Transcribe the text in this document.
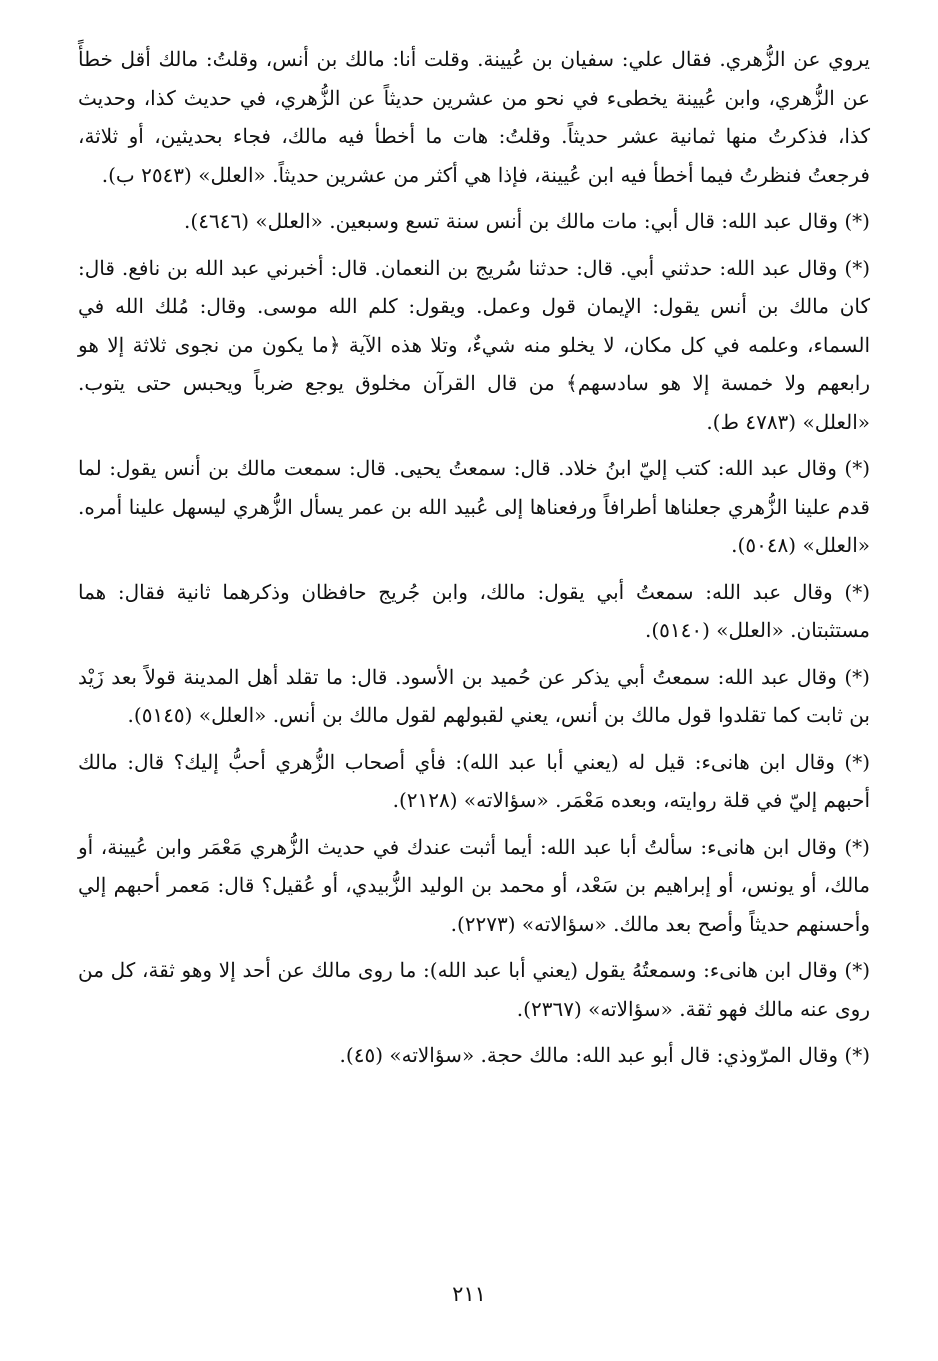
يروي عن الزُّهري. فقال علي: سفيان بن عُيينة. وقلت أنا: مالك بن أنس، وقلتُ: مالك أقل خطأً عن الزُّهري، وابن عُيينة يخطىء في نحو من عشرين حديثاً عن الزُّهري، في حديث كذا، وحديث كذا، فذكرتُ منها ثمانية عشر حديثاً. وقلتُ: هات ما أخطأ فيه مالك، فجاء بحديثين، أو ثلاثة، فرجعتُ فنظرتُ فيما أخطأ فيه ابن عُيينة، فإذا هي أكثر من عشرين حديثاً. «العلل» (٢٥٤٣ ب).

(*) وقال عبد الله: قال أبي: مات مالك بن أنس سنة تسع وسبعين. «العلل» (٤٦٤٦).

(*) وقال عبد الله: حدثني أبي. قال: حدثنا سُريج بن النعمان. قال: أخبرني عبد الله بن نافع. قال: كان مالك بن أنس يقول: الإيمان قول وعمل. ويقول: كلم الله موسى. وقال: مُلك الله في السماء، وعلمه في كل مكان، لا يخلو منه شيءٌ، وتلا هذه الآية ﴿ما يكون من نجوى ثلاثة إلا هو رابعهم ولا خمسة إلا هو سادسهم﴾ من قال القرآن مخلوق يوجع ضرباً ويحبس حتى يتوب. «العلل» (٤٧٨٣ ط).

(*) وقال عبد الله: كتب إليّ ابنُ خلاد. قال: سمعتُ يحيى. قال: سمعت مالك بن أنس يقول: لما قدم علينا الزُّهري جعلناها أطرافاً ورفعناها إلى عُبيد الله بن عمر يسأل الزُّهري ليسهل علينا أمره. «العلل» (٥٠٤٨).

(*) وقال عبد الله: سمعتُ أبي يقول: مالك، وابن جُريج حافظان وذكرهما ثانية فقال: هما مستثبتان. «العلل» (٥١٤٠).

(*) وقال عبد الله: سمعتُ أبي يذكر عن حُميد بن الأسود. قال: ما تقلد أهل المدينة قولاً بعد زَيْد بن ثابت كما تقلدوا قول مالك بن أنس، يعني لقبولهم لقول مالك بن أنس. «العلل» (٥١٤٥).

(*) وقال ابن هانىء: قيل له (يعني أبا عبد الله): فأي أصحاب الزُّهري أحبُّ إليك؟ قال: مالك أحبهم إليّ في قلة روايته، وبعده مَعْمَر. «سؤالاته» (٢١٢٨).

(*) وقال ابن هانىء: سألتُ أبا عبد الله: أيما أثبت عندك في حديث الزُّهري مَعْمَر وابن عُيينة، أو مالك، أو يونس، أو إبراهيم بن سَعْد، أو محمد بن الوليد الزُّبيدي، أو عُقيل؟ قال: مَعمر أحبهم إلي وأحسنهم حديثاً وأصح بعد مالك. «سؤالاته» (٢٢٧٣).

(*) وقال ابن هانىء: وسمعتُهُ يقول (يعني أبا عبد الله): ما روى مالك عن أحد إلا وهو ثقة، كل من روى عنه مالك فهو ثقة. «سؤالاته» (٢٣٦٧).

(*) وقال المرّوذي: قال أبو عبد الله: مالك حجة. «سؤالاته» (٤٥).

٢١١
